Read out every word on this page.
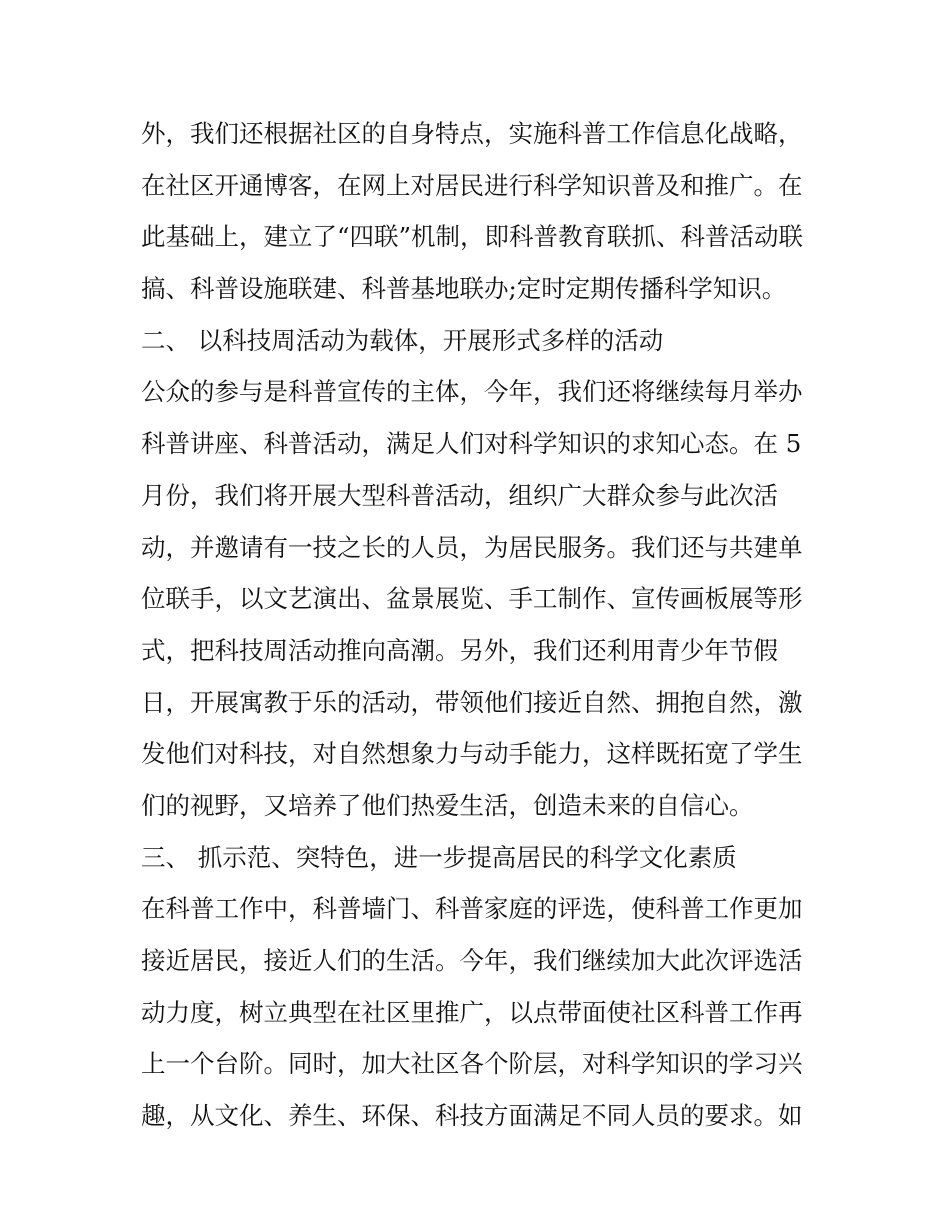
外，我们还根据社区的自身特点，实施科普工作信息化战略，
在社区开通博客，在网上对居民进行科学知识普及和推广。在
此基础上，建立了“四联”机制，即科普教育联抓、科普活动联
搞、科普设施联建、科普基地联办;定时定期传播科学知识。
二、 以科技周活动为载体，开展形式多样的活动
公众的参与是科普宣传的主体，今年，我们还将继续每月举办
科普讲座、科普活动，满足人们对科学知识的求知心态。在 5
月份，我们将开展大型科普活动，组织广大群众参与此次活
动，并邀请有一技之长的人员，为居民服务。我们还与共建单
位联手，以文艺演出、盆景展览、手工制作、宣传画板展等形
式，把科技周活动推向高潮。另外，我们还利用青少年节假
日，开展寓教于乐的活动，带领他们接近自然、拥抱自然，激
发他们对科技，对自然想象力与动手能力，这样既拓宽了学生
们的视野，又培养了他们热爱生活，创造未来的自信心。
三、 抓示范、突特色，进一步提高居民的科学文化素质
在科普工作中，科普墙门、科普家庭的评选，使科普工作更加
接近居民，接近人们的生活。今年，我们继续加大此次评选活
动力度，树立典型在社区里推广，以点带面使社区科普工作再
上一个台阶。同时，加大社区各个阶层，对科学知识的学习兴
趣，从文化、养生、环保、科技方面满足不同人员的要求。如
